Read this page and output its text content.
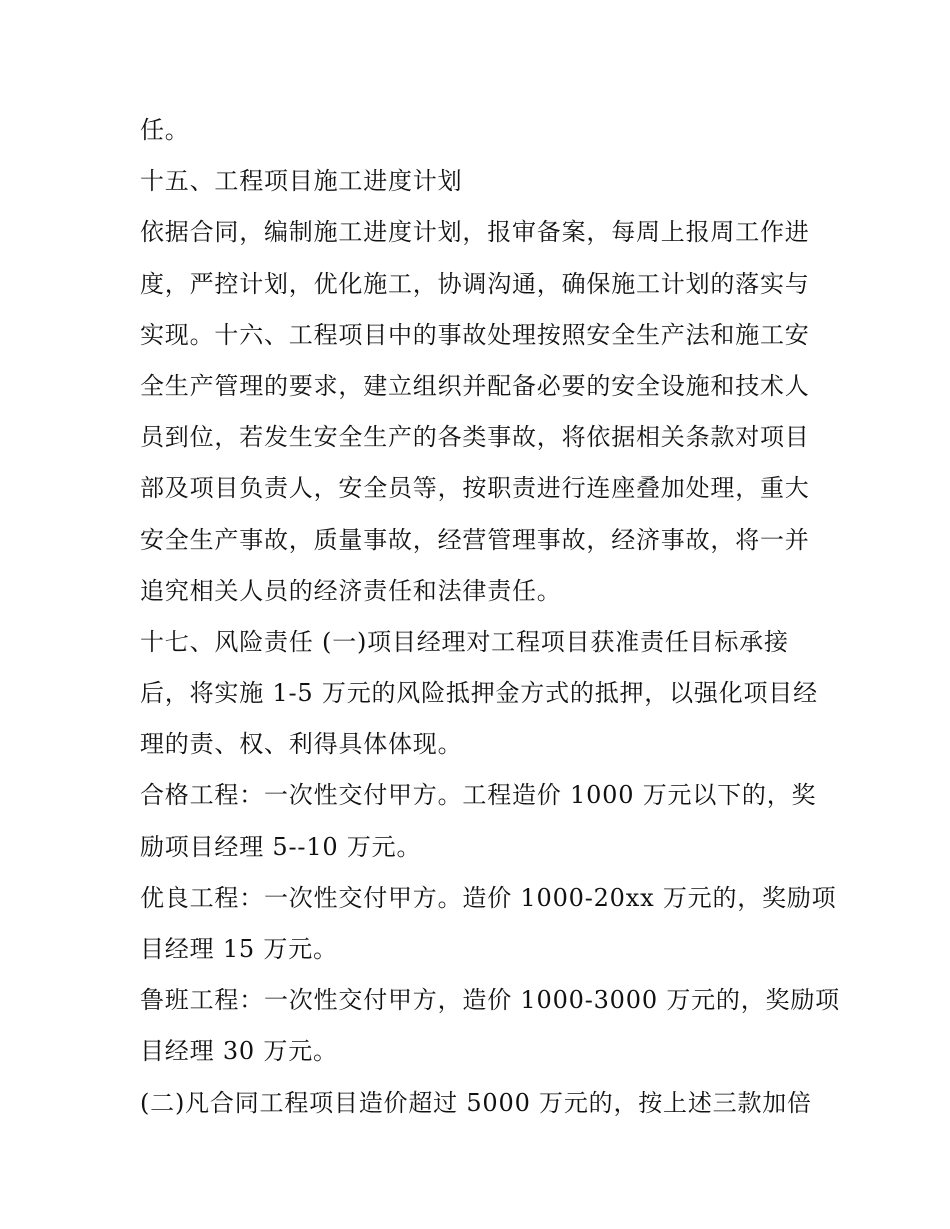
任。
十五、工程项目施工进度计划
依据合同，编制施工进度计划，报审备案，每周上报周工作进
度，严控计划，优化施工，协调沟通，确保施工计划的落实与
实现。十六、工程项目中的事故处理按照安全生产法和施工安
全生产管理的要求，建立组织并配备必要的安全设施和技术人
员到位，若发生安全生产的各类事故，将依据相关条款对项目
部及项目负责人，安全员等，按职责进行连座叠加处理，重大
安全生产事故，质量事故，经营管理事故，经济事故，将一并
追究相关人员的经济责任和法律责任。
十七、风险责任 (一)项目经理对工程项目获准责任目标承接
后，将实施 1-5 万元的风险抵押金方式的抵押，以强化项目经
理的责、权、利得具体体现。
合格工程：一次性交付甲方。工程造价 1000 万元以下的，奖
励项目经理 5--10 万元。
优良工程：一次性交付甲方。造价 1000-20xx 万元的，奖励项
目经理 15 万元。
鲁班工程：一次性交付甲方，造价 1000-3000 万元的，奖励项
目经理 30 万元。
(二)凡合同工程项目造价超过 5000 万元的，按上述三款加倍
